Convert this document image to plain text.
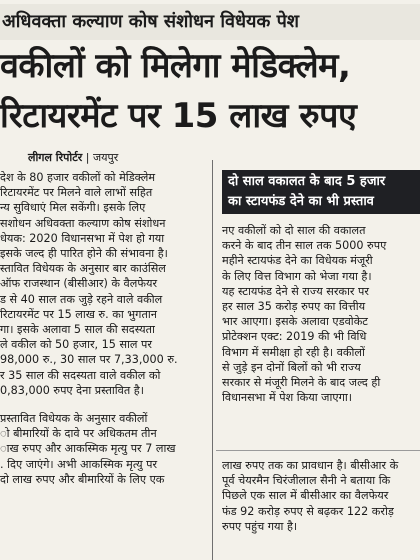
अधिवक्ता कल्याण कोष संशोधन विधेयक पेश
वकीलों को मिलेगा मेडिक्लेम,
रिटायरमेंट पर 15 लाख रुपए
लीगल रिपोर्टर | जयपुर
दो साल वकालत के बाद 5 हजार
का स्टायफंड देने का भी प्रस्ताव

देश के 80 हजार वकीलों को मेडिक्लेम

रिटायरमेंट पर मिलने वाले लाभों सहित

न्य सुविधाएं मिल सकेंगी। इसके लिए

सशोधन अधिवक्ता कल्याण कोष संशोधन

धेयक: 2020 विधानसभा में पेश हो गया

इसके जल्द ही पारित होने की संभावना है।

स्तावित विधेयक के अनुसार बार काउंसिल

ऑफ राजस्थान (बीसीआर) के वैलफेयर

ड से 40 साल तक जुड़े रहने वाले वकील

रिटायरमेंट पर 15 लाख रु. का भुगतान

गा। इसके अलावा 5 साल की सदस्यता

ले वकील को 50 हजार, 15 साल पर

98,000 रु., 30 साल पर 7,33,000 रु.

र 35 साल की सदस्यता वाले वकील को

0,83,000 रुपए देना प्रस्तावित है।

प्रस्तावित विधेयक के अनुसार वकीलों

ो बीमारियों के दावे पर अधिकतम तीन

ाख रुपए और आकस्मिक मृत्यु पर 7 लाख

. दिए जाएंगे। अभी आकस्मिक मृत्यु पर

दो लाख रुपए और बीमारियों के लिए एक

नए वकीलों को दो साल की वकालत

करने के बाद तीन साल तक 5000 रुपए

महीने स्टायफंड देने का विधेयक मंजूरी

के लिए वित्त विभाग को भेजा गया है।

यह स्टायफंड देने से राज्य सरकार पर

हर साल 35 करोड़ रुपए का वित्तीय

भार आएगा। इसके अलावा एडवोकेट

प्रोटेक्शन एक्ट: 2019 की भी विधि

विभाग में समीक्षा हो रही है। वकीलों

से जुड़े इन दोनों बिलों को भी राज्य

सरकार से मंजूरी मिलने के बाद जल्द ही

विधानसभा में पेश किया जाएगा।

लाख रुपए तक का प्रावधान है। बीसीआर के

पूर्व चेयरमैन चिरंजीलाल सैनी ने बताया कि

पिछले एक साल में बीसीआर का वैलफेयर

फंड 92 करोड़ रुपए से बढ़कर 122 करोड़

रुपए पहुंच गया है।
